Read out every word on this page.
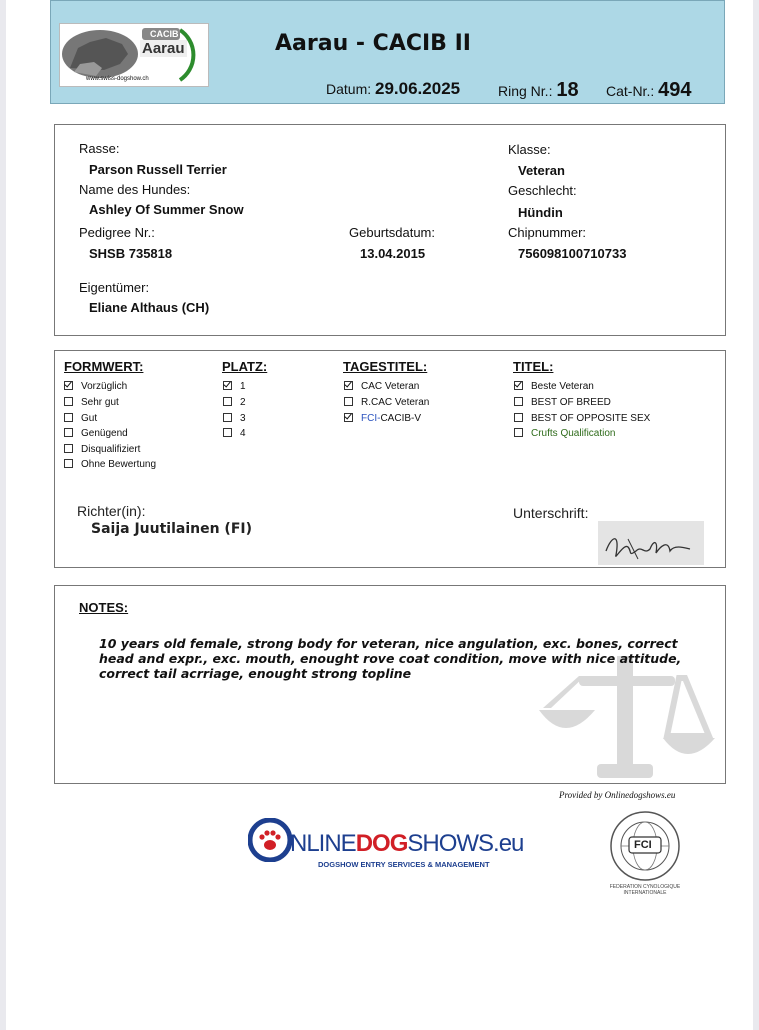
CACIB
Aarau
www.swiss-dogshow.ch
Aarau - CACIB II
Datum: 29.06.2025	Ring Nr.: 18 Cat-Nr.: 494
Rasse:
Parson Russell Terrier
Name des Hundes:
Ashley Of Summer Snow
Pedigree Nr.:
SHSB 735818
Geburtsdatum:
13.04.2015
Klasse:
Veteran
Geschlecht:
Hündin
Chipnummer:
756098100710733
Eigentümer:
Eliane Althaus (CH)
FORMWERT:	PLATZ:	TAGESTITEL:	TITEL:
Vorzüglich
Sehr gut
Gut
Genügend
Disqualifiziert
Ohne Bewertung
1
2
3
4
CAC Veteran
R.CAC Veteran
FCI-CACIB-V
Beste Veteran
BEST OF BREED
BEST OF OPPOSITE SEX
Crufts Qualification
Richter(in):
Saija Juutilainen (FI)
Unterschrift:
NOTES:
10 years old female, strong body for veteran, nice angulation, exc. bones, correct head and expr., exc. mouth, enought rove coat condition, move with nice attitude, correct tail acrriage, enought strong topline
Provided by Onlinedogshows.eu
NLINEDOGSHOWS.eu
DOGSHOW ENTRY SERVICES & MANAGEMENT
FCI
FEDERATION CYNOLOGIQUE INTERNATIONALE
